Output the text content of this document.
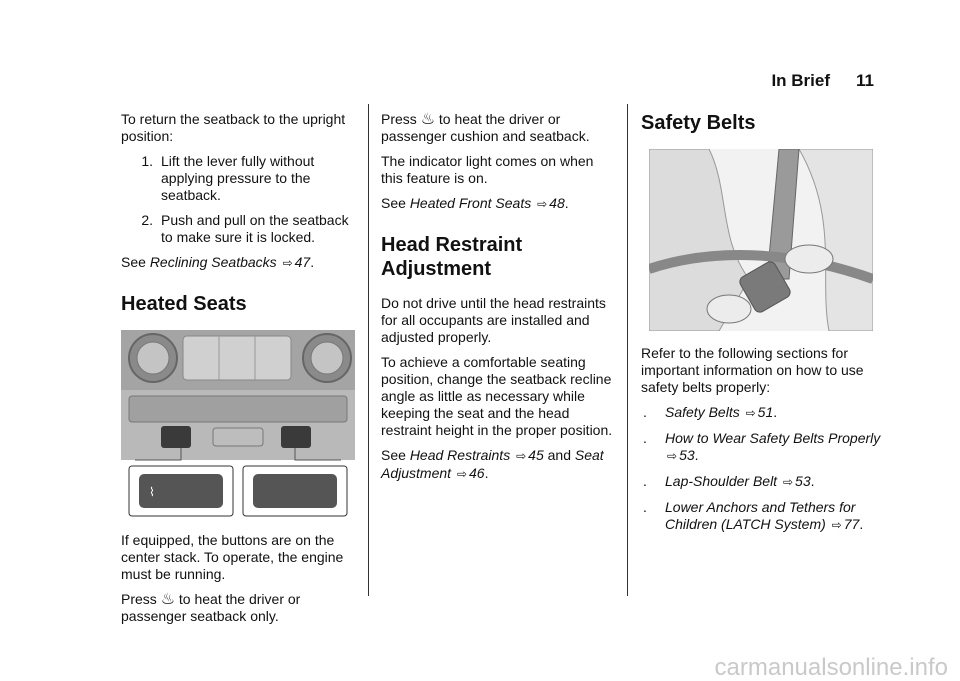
In Brief 11

To return the seatback to the upright position:

1. Lift the lever fully without applying pressure to the seatback.
2. Push and pull on the seatback to make sure it is locked.

See Reclining Seatbacks ⇨ 47.

Heated Seats
⌇

If equipped, the buttons are on the center stack. To operate, the engine must be running.

Press ♨ to heat the driver or passenger seatback only.

Press ♨ to heat the driver or passenger cushion and seatback.

The indicator light comes on when this feature is on.

See Heated Front Seats ⇨ 48.

Head Restraint Adjustment

Do not drive until the head restraints for all occupants are installed and adjusted properly.

To achieve a comfortable seating position, change the seatback recline angle as little as necessary while keeping the seat and the head restraint height in the proper position.

See Head Restraints ⇨ 45 and Seat Adjustment ⇨ 46.

Safety Belts

Refer to the following sections for important information on how to use safety belts properly:

.	Safety Belts ⇨ 51.
.	How to Wear Safety Belts Properly ⇨ 53.
.	Lap-Shoulder Belt ⇨ 53.
.	Lower Anchors and Tethers for Children (LATCH System) ⇨ 77.
carmanualsonline.info
